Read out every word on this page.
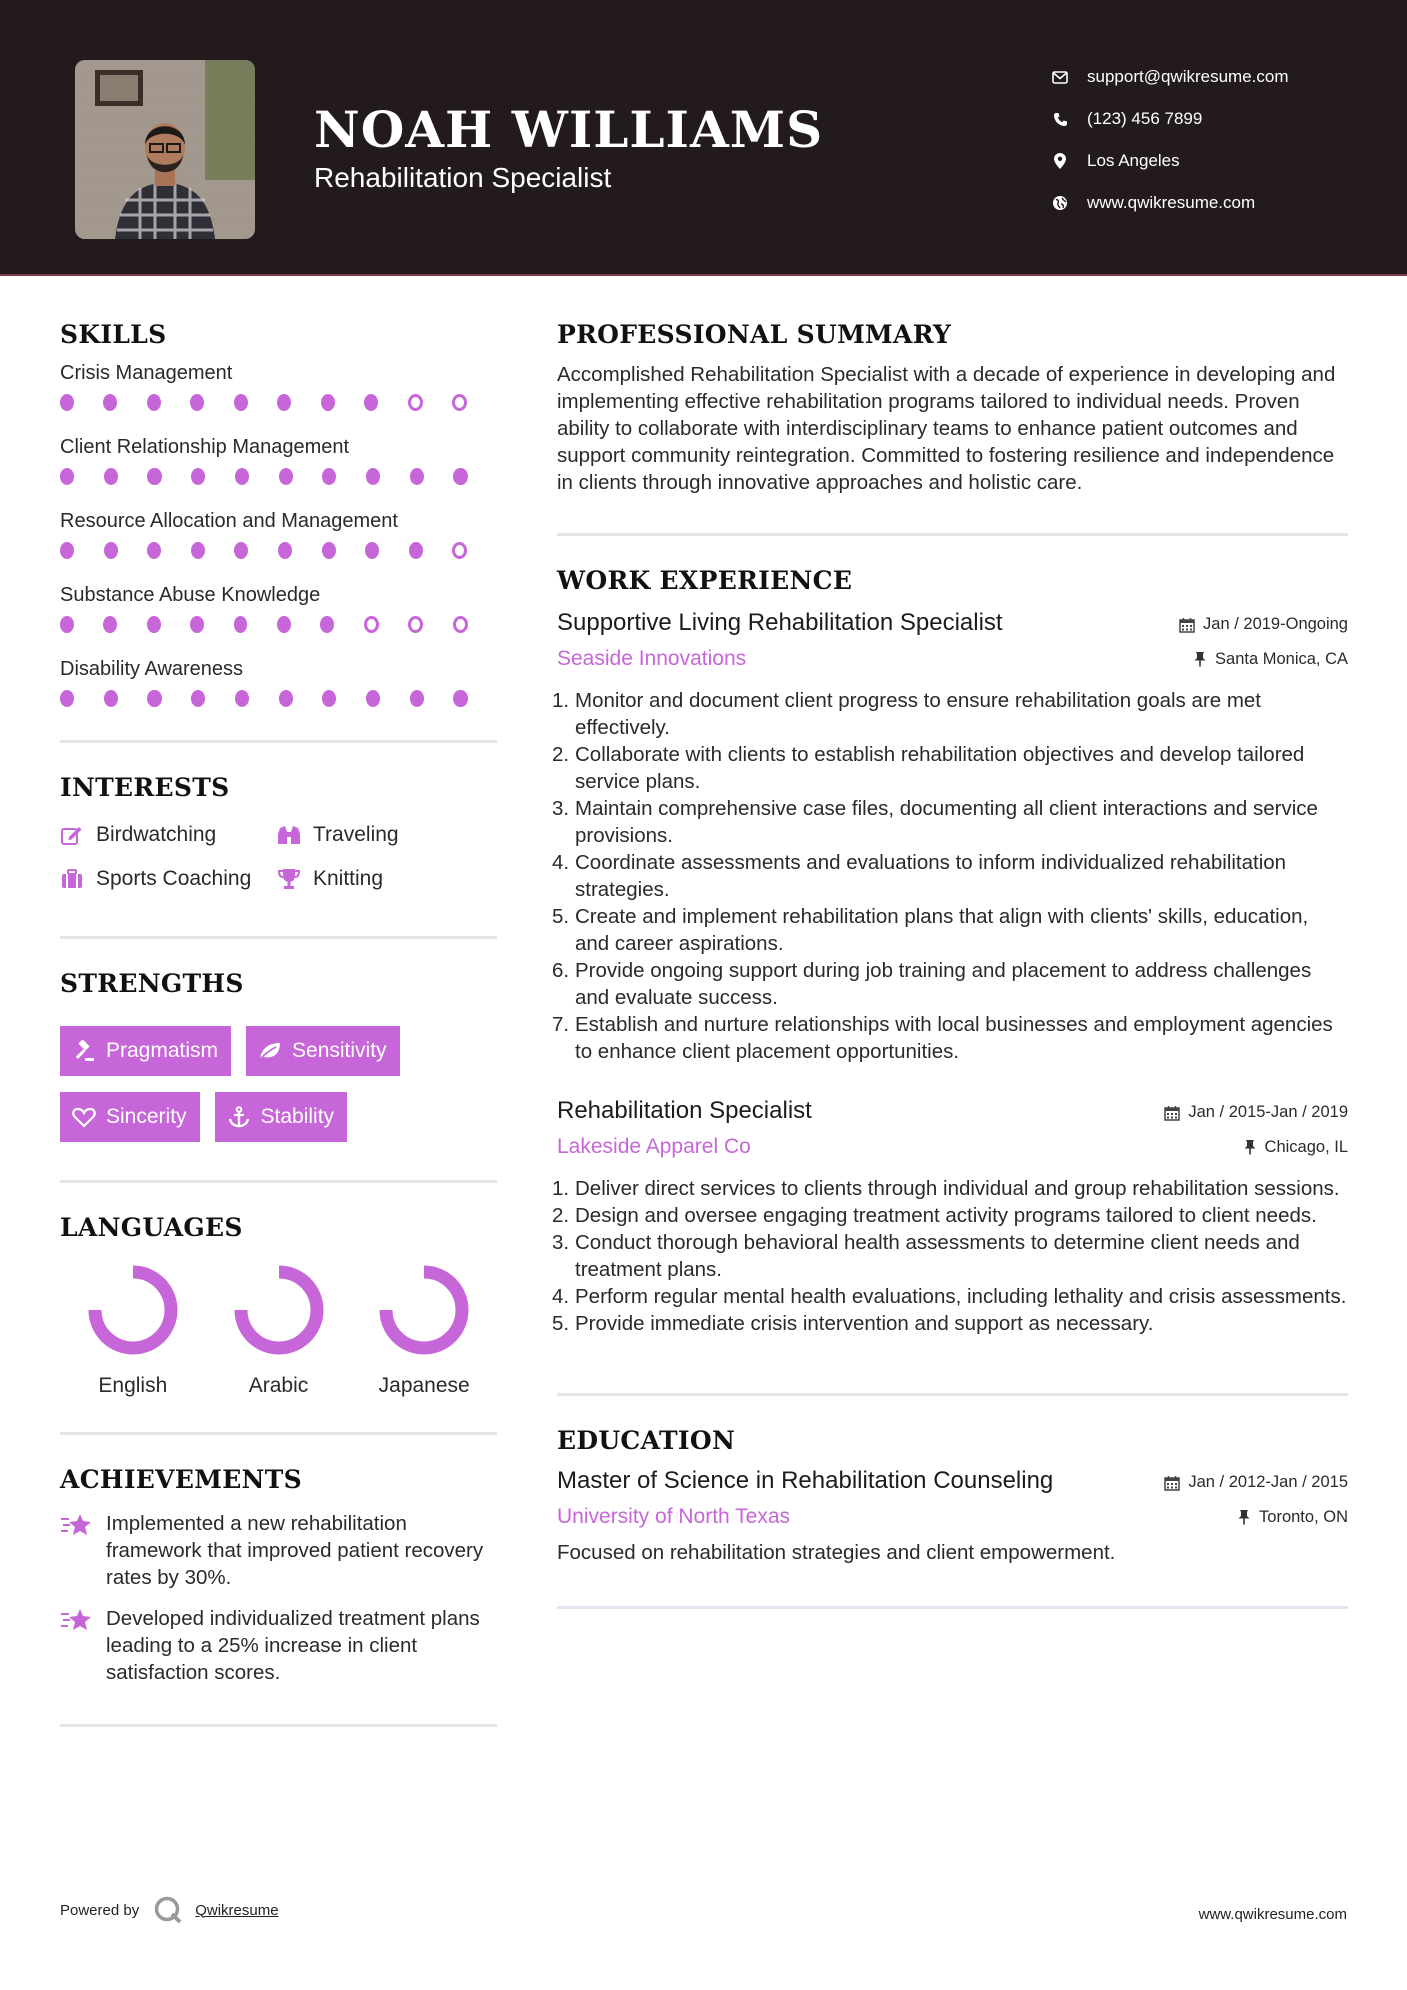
NOAH WILLIAMS
Rehabilitation Specialist
support@qwikresume.com
(123) 456 7899
Los Angeles
www.qwikresume.com
SKILLS
Crisis Management
Client Relationship Management
Resource Allocation and Management
Substance Abuse Knowledge
Disability Awareness
INTERESTS
Birdwatching	Traveling
Sports Coaching	Knitting
STRENGTHS
Pragmatism	Sensitivity
Sincerity	Stability
LANGUAGES
English	Arabic	Japanese
ACHIEVEMENTS
Implemented a new rehabilitation framework that improved patient recovery rates by 30%.
Developed individualized treatment plans leading to a 25% increase in client satisfaction scores.
PROFESSIONAL SUMMARY
Accomplished Rehabilitation Specialist with a decade of experience in developing and implementing effective rehabilitation programs tailored to individual needs. Proven ability to collaborate with interdisciplinary teams to enhance patient outcomes and support community reintegration. Committed to fostering resilience and independence in clients through innovative approaches and holistic care.
WORK EXPERIENCE
Supportive Living Rehabilitation Specialist	Jan / 2019-Ongoing
Seaside Innovations	Santa Monica, CA
Monitor and document client progress to ensure rehabilitation goals are met effectively.
Collaborate with clients to establish rehabilitation objectives and develop tailored service plans.
Maintain comprehensive case files, documenting all client interactions and service provisions.
Coordinate assessments and evaluations to inform individualized rehabilitation strategies.
Create and implement rehabilitation plans that align with clients' skills, education, and career aspirations.
Provide ongoing support during job training and placement to address challenges and evaluate success.
Establish and nurture relationships with local businesses and employment agencies to enhance client placement opportunities.
Rehabilitation Specialist	Jan / 2015-Jan / 2019
Lakeside Apparel Co	Chicago, IL
Deliver direct services to clients through individual and group rehabilitation sessions.
Design and oversee engaging treatment activity programs tailored to client needs.
Conduct thorough behavioral health assessments to determine client needs and treatment plans.
Perform regular mental health evaluations, including lethality and crisis assessments.
Provide immediate crisis intervention and support as necessary.
EDUCATION
Master of Science in Rehabilitation Counseling	Jan / 2012-Jan / 2015
University of North Texas	Toronto, ON
Focused on rehabilitation strategies and client empowerment.
Powered by	Qwikresume	www.qwikresume.com
